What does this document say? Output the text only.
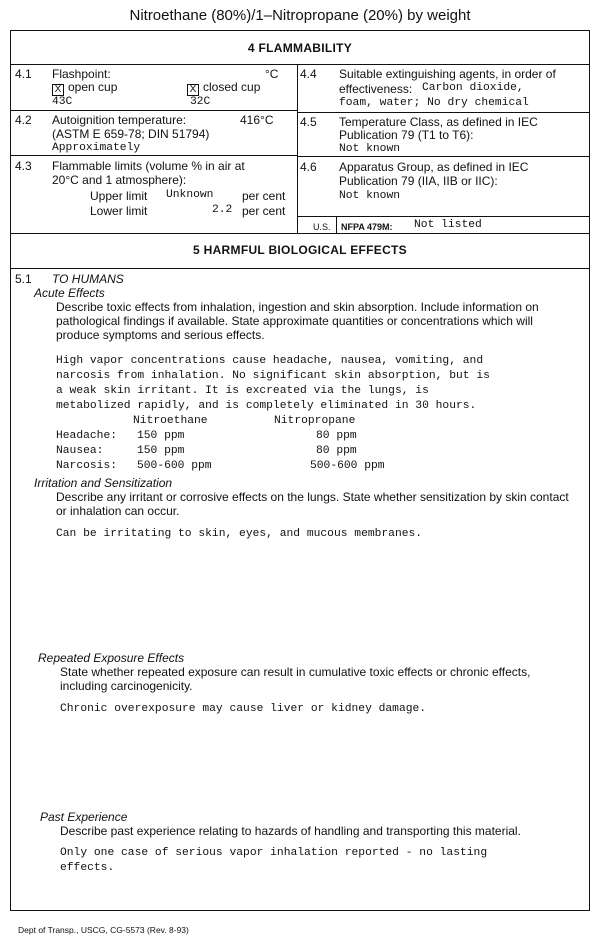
Nitroethane (80%)/1–Nitropropane (20%) by weight
4 FLAMMABILITY
4.1 Flashpoint:	°C
X open cup	X closed cup
43C	32C
4.2 Autoignition temperature:	416°C
(ASTM E 659-78; DIN 51794)
Approximately
4.3 Flammable limits (volume % in air at
20°C and 1 atmosphere):
Upper limit Unknown per cent
Lower limit	2.2 per cent
4.4 Suitable extinguishing agents, in order of
effectiveness: Carbon dioxide,
foam, water; No dry chemical
4.5 Temperature Class, as defined in IEC
Publication 79 (T1 to T6):
Not known
4.6 Apparatus Group, as defined in IEC
Publication 79 (IIA, IIB or IIC):
Not known
U.S. NFPA 479M: Not listed
5 HARMFUL BIOLOGICAL EFFECTS
5.1 TO HUMANS
Acute Effects
Describe toxic effects from inhalation, ingestion and skin absorption. Include information on pathological findings if available. State approximate quantities or concentrations which will produce symptoms and serious effects.
High vapor concentrations cause headache, nausea, vomiting, and
narcosis from inhalation. No significant skin absorption, but is
a weak skin irritant. It is excreated via the lungs, is
metabolized rapidly, and is completely eliminated in 30 hours.
Nitroethane	Nitropropane
Headache: 150 ppm	80 ppm
Nausea:	150 ppm	80 ppm
Narcosis: 500-600 ppm	500-600 ppm
Irritation and Sensitization
Describe any irritant or corrosive effects on the lungs. State whether sensitization by skin contact or inhalation can occur.
Can be irritating to skin, eyes, and mucous membranes.
Repeated Exposure Effects
State whether repeated exposure can result in cumulative toxic effects or chronic effects, including carcinogenicity.
Chronic overexposure may cause liver or kidney damage.
Past Experience
Describe past experience relating to hazards of handling and transporting this material.
Only one case of serious vapor inhalation reported - no lasting
effects.
Dept of Transp., USCG, CG-5573 (Rev. 8-93)
